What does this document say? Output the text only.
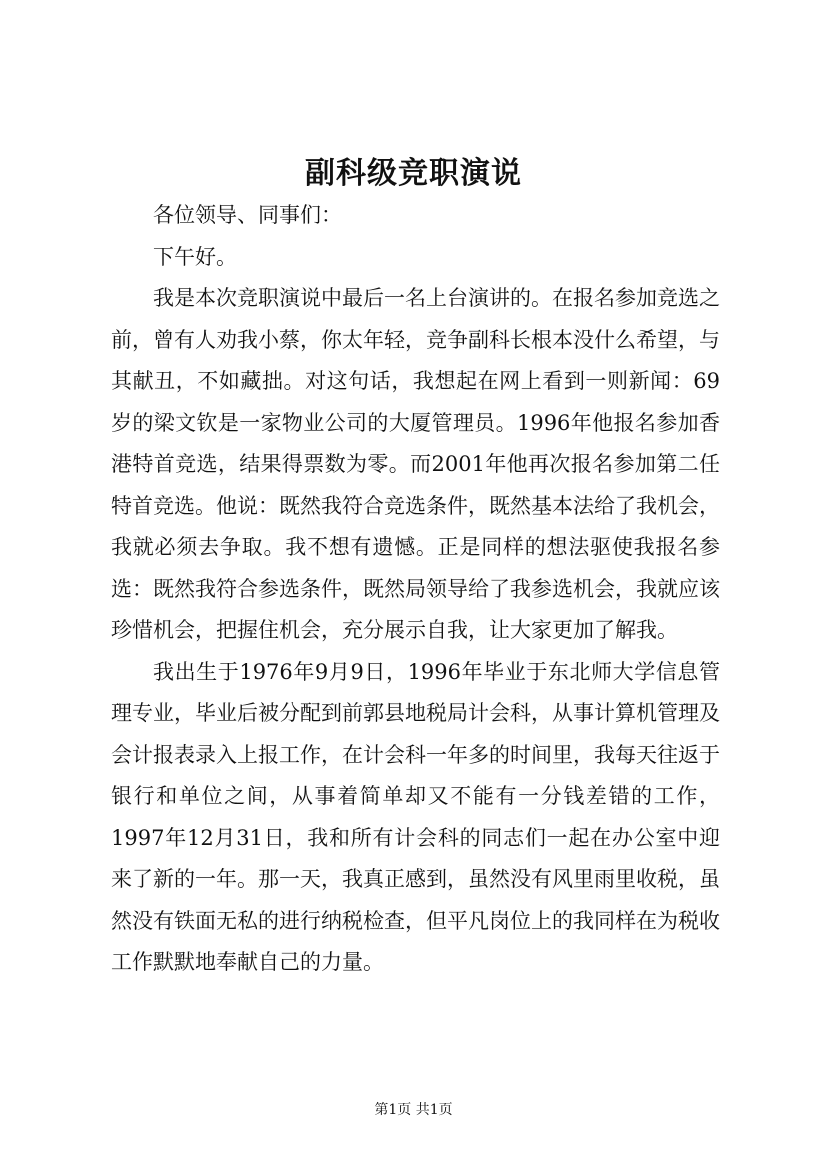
副科级竞职演说

各位领导、同事们：

下午好。

我是本次竞职演说中最后一名上台演讲的。在报名参加竞选之前，曾有人劝我小蔡，你太年轻，竞争副科长根本没什么希望，与其献丑，不如藏拙。对这句话，我想起在网上看到一则新闻：69岁的梁文钦是一家物业公司的大厦管理员。1996年他报名参加香港特首竞选，结果得票数为零。而2001年他再次报名参加第二任特首竞选。他说：既然我符合竞选条件，既然基本法给了我机会，我就必须去争取。我不想有遗憾。正是同样的想法驱使我报名参选：既然我符合参选条件，既然局领导给了我参选机会，我就应该珍惜机会，把握住机会，充分展示自我，让大家更加了解我。

我出生于1976年9月9日，1996年毕业于东北师大学信息管理专业，毕业后被分配到前郭县地税局计会科，从事计算机管理及会计报表录入上报工作，在计会科一年多的时间里，我每天往返于银行和单位之间，从事着简单却又不能有一分钱差错的工作，1997年12月31日，我和所有计会科的同志们一起在办公室中迎来了新的一年。那一天，我真正感到，虽然没有风里雨里收税，虽然没有铁面无私的进行纳税检查，但平凡岗位上的我同样在为税收工作默默地奉献自己的力量。

第1页 共1页
